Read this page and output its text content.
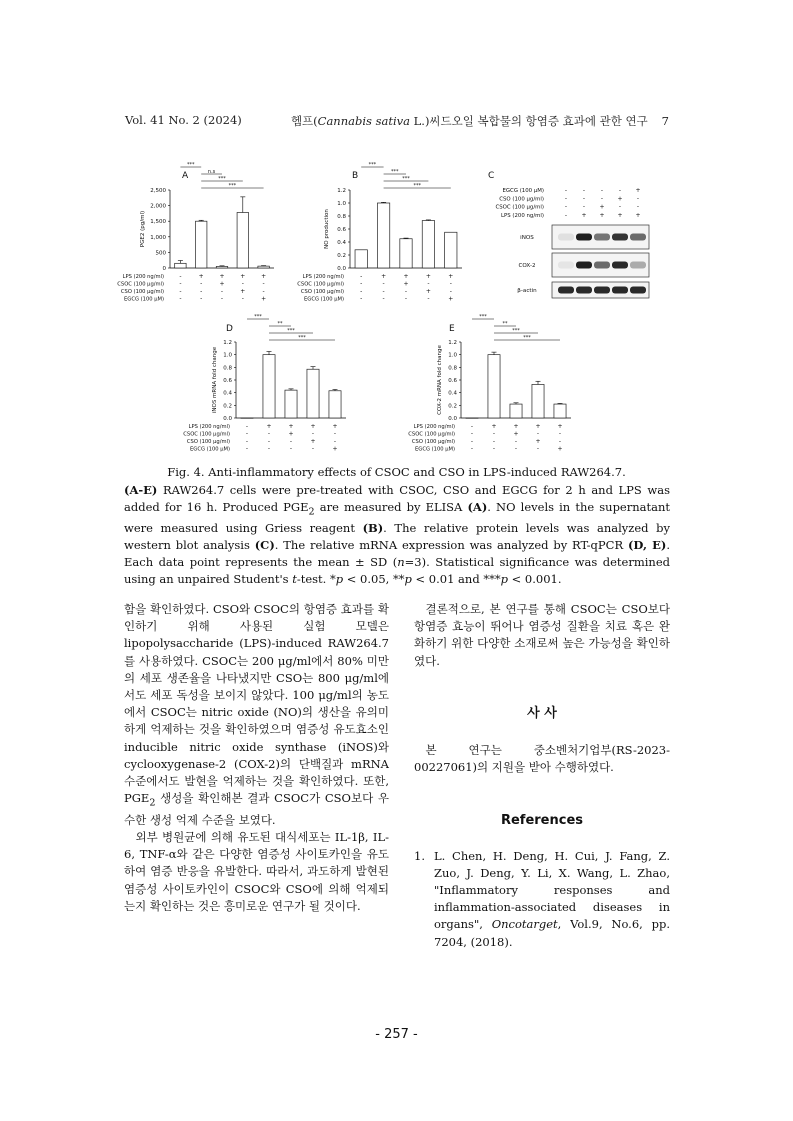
Vol. 41 No. 2 (2024)	헴프(Cannabis sativa L.)씨드오일 복합물의 항염증 효과에 관한 연구 7
A
PGE2 (pg/ml)
0
500
1,000
1,500
2,000
2,500
***
n.s
***
***
LPS (200 ng/ml)	-	+	+	+	+
CSOC (100 μg/ml)	-	-	+	-	-
CSO (100 μg/ml)	-	-	-	+	-
EGCG (100 μM)	-	-	-	-	+
B
NO production
0.0
0.2
0.4
0.6
0.8
1.0
1.2
***
***
***
***
LPS (200 ng/ml)	-	+	+	+	+
CSOC (100 μg/ml)	-	-	+	-	-
CSO (100 μg/ml)	-	-	-	+	-
EGCG (100 μM)	-	-	-	-	+
C
EGCG (100 μM)	-	-	-	- +
CSO (100 μg/ml)	-	-	- + -
CSOC (100 μg/ml)	-	- + -	-
LPS (200 ng/ml)	- + + + +
iNOS
COX-2
β-actin
D
iNOS mRNA fold change
0.0
0.2
0.4
0.6
0.8
1.0
1.2
***
**
***
***
LPS (200 ng/ml)	-	+	+	+	+
CSOC (100 μg/ml)	-	-	+	-	-
CSO (100 μg/ml)	-	-	-	+	-
EGCG (100 μM)	-	-	-	-	+
E
COX-2 mRNA fold change
0.0
0.2
0.4
0.6
0.8
1.0
1.2
***
**
***
***
LPS (200 ng/ml)	-	+	+	+	+
CSOC (100 μg/ml)	-	-	+	-	-
CSO (100 μg/ml)	-	-	-	+	-
EGCG (100 μM)	-	-	-	-	+
Fig. 4. Anti-inflammatory effects of CSOC and CSO in LPS-induced RAW264.7.
(A-E) RAW264.7 cells were pre-treated with CSOC, CSO and EGCG for 2 h and LPS was added for 16 h. Produced $PGE_2$ are measured by ELISA (A). NO levels in the supernatant were measured using Griess reagent (B). The relative protein levels was analyzed by western blot analysis (C). The relative mRNA expression was analyzed by RT-qPCR (D, E). Each data point represents the mean ± SD (n=3). Statistical significance was determined using an unpaired Student's t-test. *p < 0.05, **p < 0.01 and ***p < 0.001.

함을 확인하였다. CSO와 CSOC의 항염증 효과를 확인하기 위해 사용된 실험 모델은 lipopolysaccharide (LPS)-induced RAW264.7를 사용하였다. CSOC는 200 μg/ml에서 80% 미만의 세포 생존율을 나타냈지만 CSO는 800 μg/ml에서도 세포 독성을 보이지 않았다. 100 μg/ml의 농도에서 CSOC는 nitric oxide (NO)의 생산을 유의미하게 억제하는 것을 확인하였으며 염증성 유도효소인 inducible nitric oxide synthase (iNOS)와 cyclooxygenase-2 (COX-2)의 단백질과 mRNA 수준에서도 발현을 억제하는 것을 확인하였다. 또한, $PGE_2$ 생성을 확인해본 결과 CSOC가 CSO보다 우수한 생성 억제 수준을 보였다.

외부 병원균에 의해 유도된 대식세포는 IL-1β, IL-6, TNF-α와 같은 다양한 염증성 사이토카인을 유도하여 염증 반응을 유발한다. 따라서, 과도하게 발현된 염증성 사이토카인이 CSOC와 CSO에 의해 억제되는지 확인하는 것은 흥미로운 연구가 될 것이다.

결론적으로, 본 연구를 통해 CSOC는 CSO보다 항염증 효능이 뛰어나 염증성 질환을 치료 혹은 완화하기 위한 다양한 소재로써 높은 가능성을 확인하였다.

사 사

본 연구는 중소벤처기업부(RS-2023-00227061)의 지원을 받아 수행하였다.

References

1. L. Chen, H. Deng, H. Cui, J. Fang, Z. Zuo, J. Deng, Y. Li, X. Wang, L. Zhao, "Inflammatory responses and inflammation-associated diseases in organs", Oncotarget, Vol.9, No.6, pp. 7204, (2018).
- 257 -
